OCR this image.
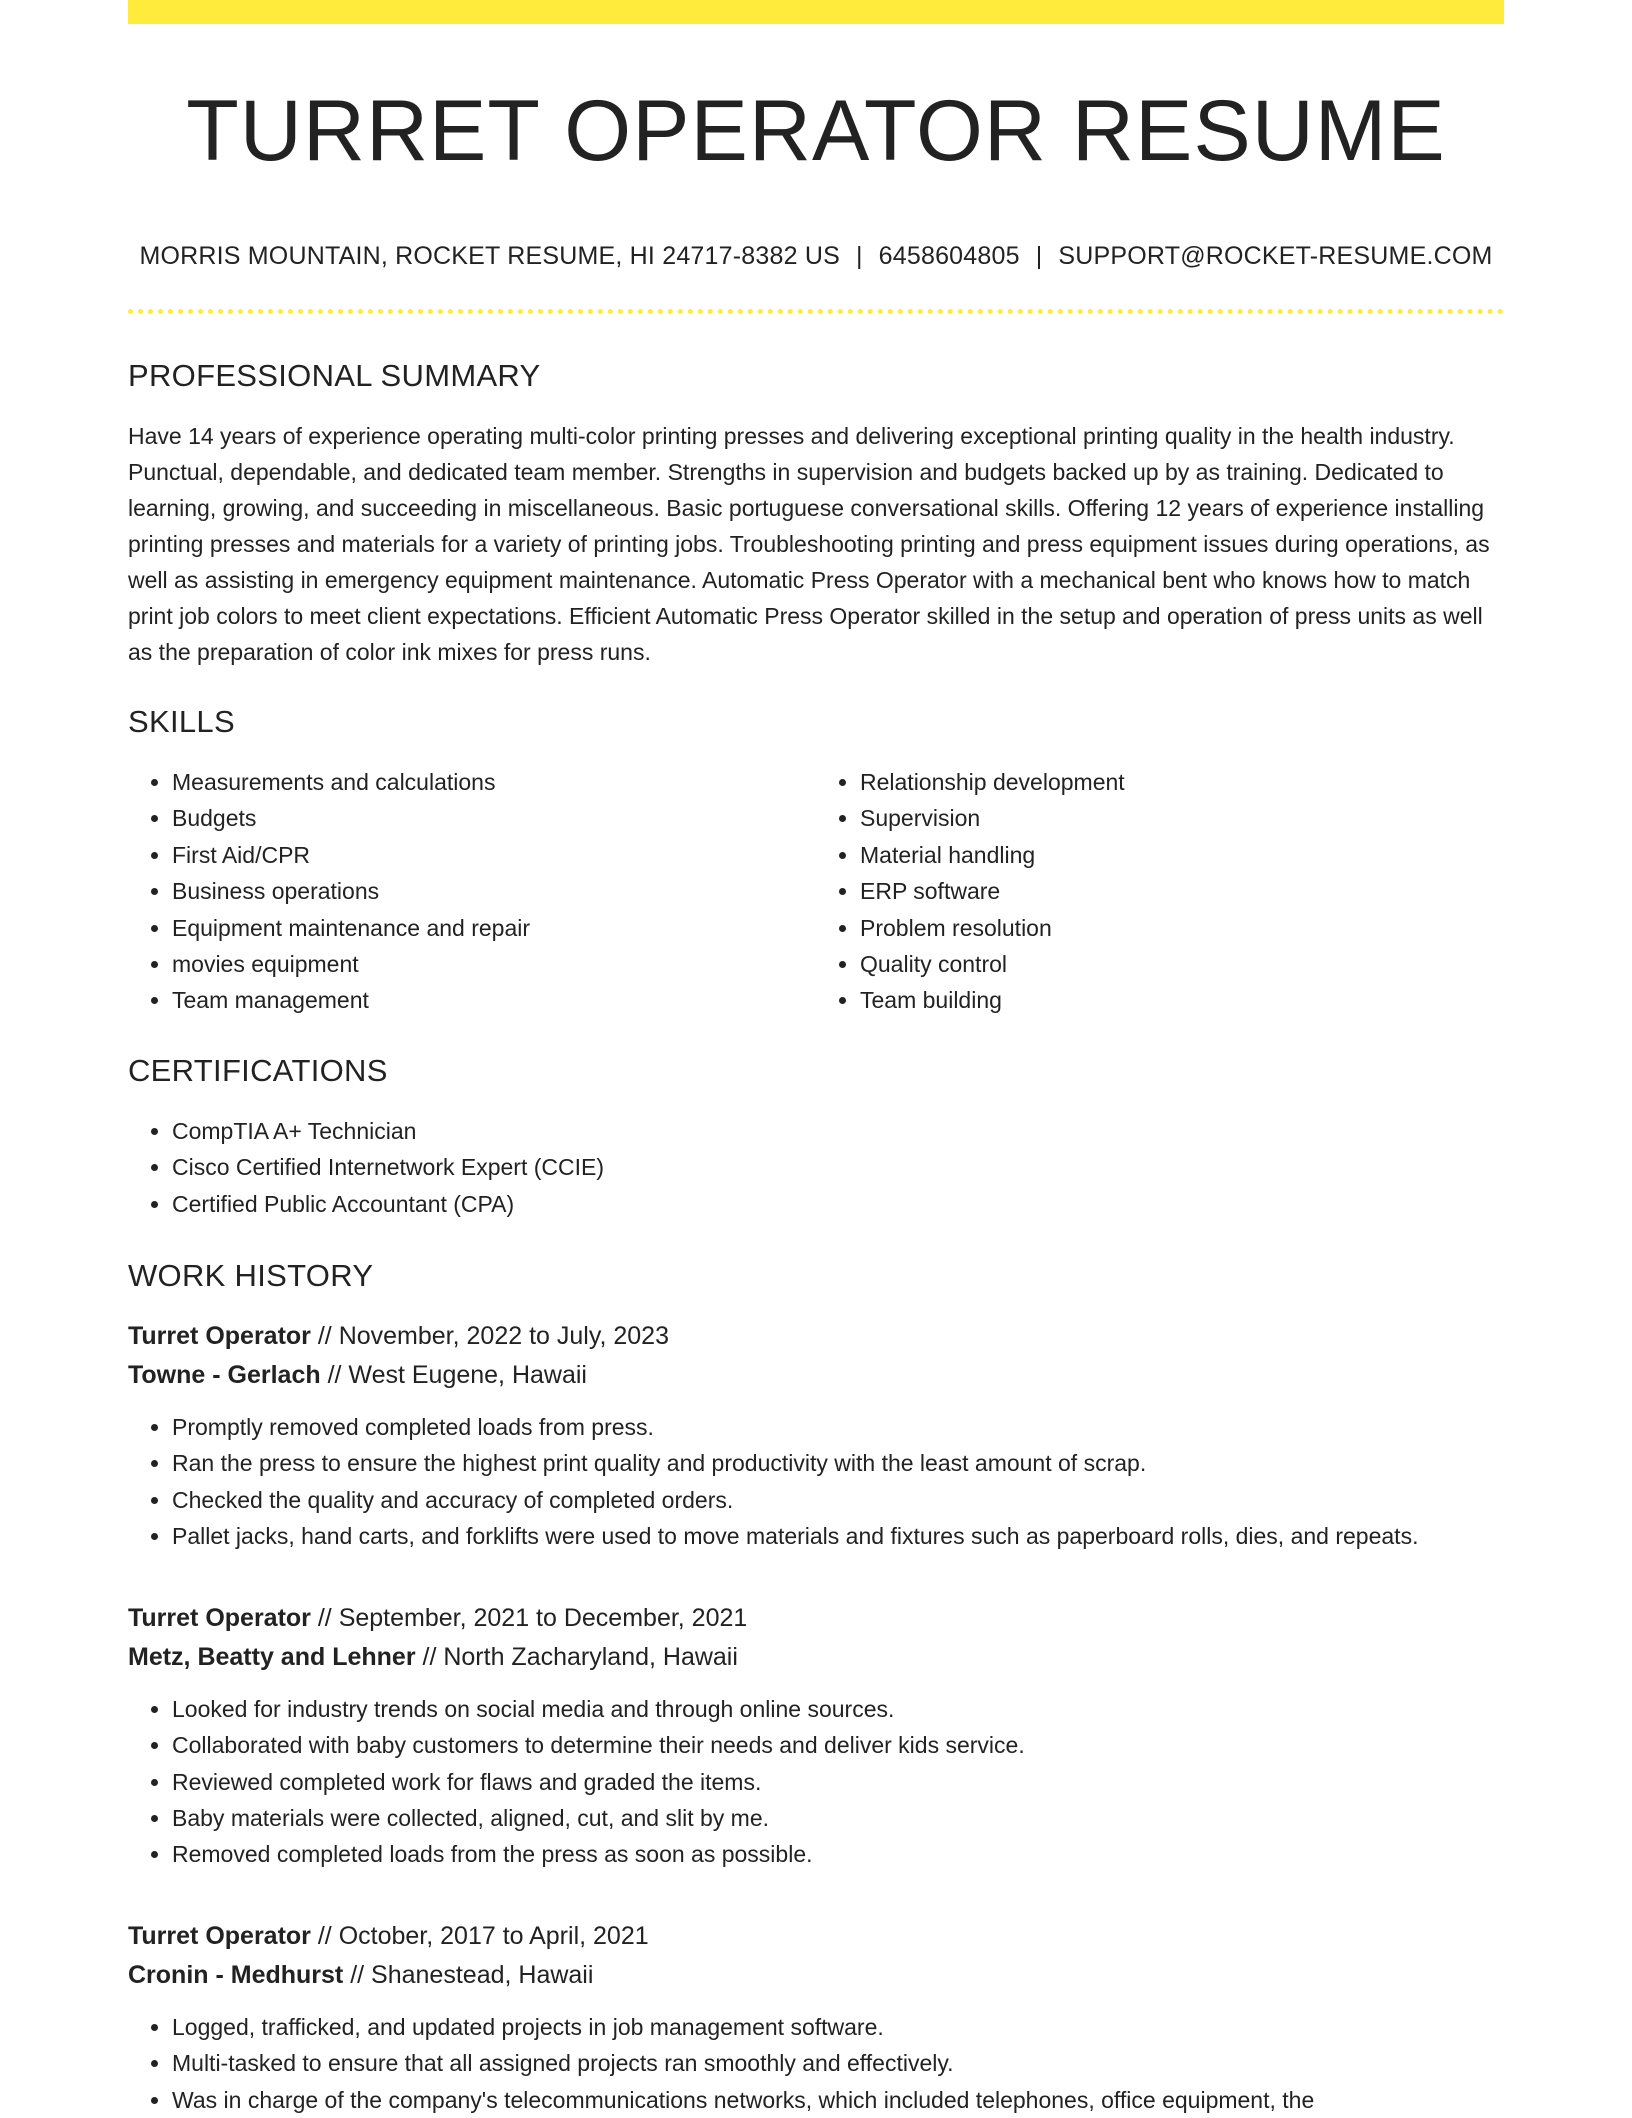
TURRET OPERATOR RESUME
MORRIS MOUNTAIN, ROCKET RESUME, HI 24717-8382 US | 6458604805 | SUPPORT@ROCKET-RESUME.COM
PROFESSIONAL SUMMARY

Have 14 years of experience operating multi-color printing presses and delivering exceptional printing quality in the health industry. Punctual, dependable, and dedicated team member. Strengths in supervision and budgets backed up by as training. Dedicated to learning, growing, and succeeding in miscellaneous. Basic portuguese conversational skills. Offering 12 years of experience installing printing presses and materials for a variety of printing jobs. Troubleshooting printing and press equipment issues during operations, as well as assisting in emergency equipment maintenance. Automatic Press Operator with a mechanical bent who knows how to match print job colors to meet client expectations. Efficient Automatic Press Operator skilled in the setup and operation of press units as well as the preparation of color ink mixes for press runs.

SKILLS
• Measurements and calculations
• Budgets
• First Aid/CPR
• Business operations
• Equipment maintenance and repair
• movies equipment
• Team management
• Relationship development
• Supervision
• Material handling
• ERP software
• Problem resolution
• Quality control
• Team building
CERTIFICATIONS
• CompTIA A+ Technician
• Cisco Certified Internetwork Expert (CCIE)
• Certified Public Accountant (CPA)
WORK HISTORY
Turret Operator // November, 2022 to July, 2023
Towne - Gerlach // West Eugene, Hawaii
• Promptly removed completed loads from press.
• Ran the press to ensure the highest print quality and productivity with the least amount of scrap.
• Checked the quality and accuracy of completed orders.
• Pallet jacks, hand carts, and forklifts were used to move materials and fixtures such as paperboard rolls, dies, and repeats.
Turret Operator // September, 2021 to December, 2021
Metz, Beatty and Lehner // North Zacharyland, Hawaii
• Looked for industry trends on social media and through online sources.
• Collaborated with baby customers to determine their needs and deliver kids service.
• Reviewed completed work for flaws and graded the items.
• Baby materials were collected, aligned, cut, and slit by me.
• Removed completed loads from the press as soon as possible.
Turret Operator // October, 2017 to April, 2021
Cronin - Medhurst // Shanestead, Hawaii
• Logged, trafficked, and updated projects in job management software.
• Multi-tasked to ensure that all assigned projects ran smoothly and effectively.
• Was in charge of the company's telecommunications networks, which included telephones, office equipment, the
